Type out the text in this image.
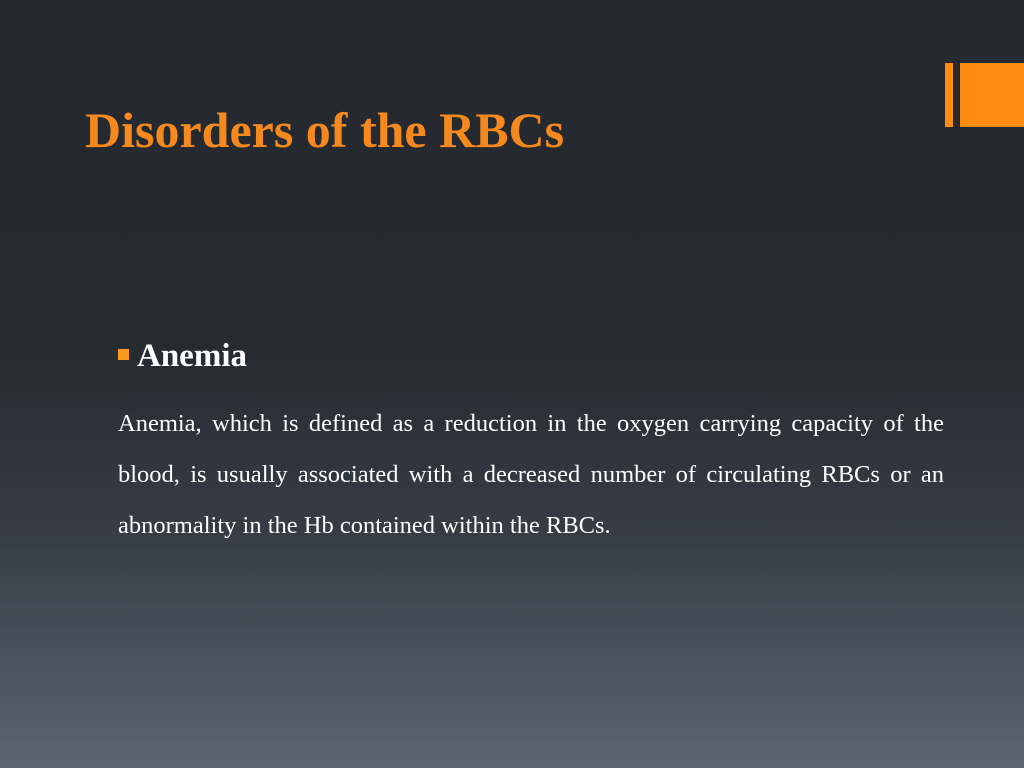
Disorders of the RBCs
Anemia

Anemia, which is defined as a reduction in the oxygen carrying capacity of the blood, is usually associated with a decreased number of circulating RBCs or an abnormality in the Hb contained within the RBCs.
